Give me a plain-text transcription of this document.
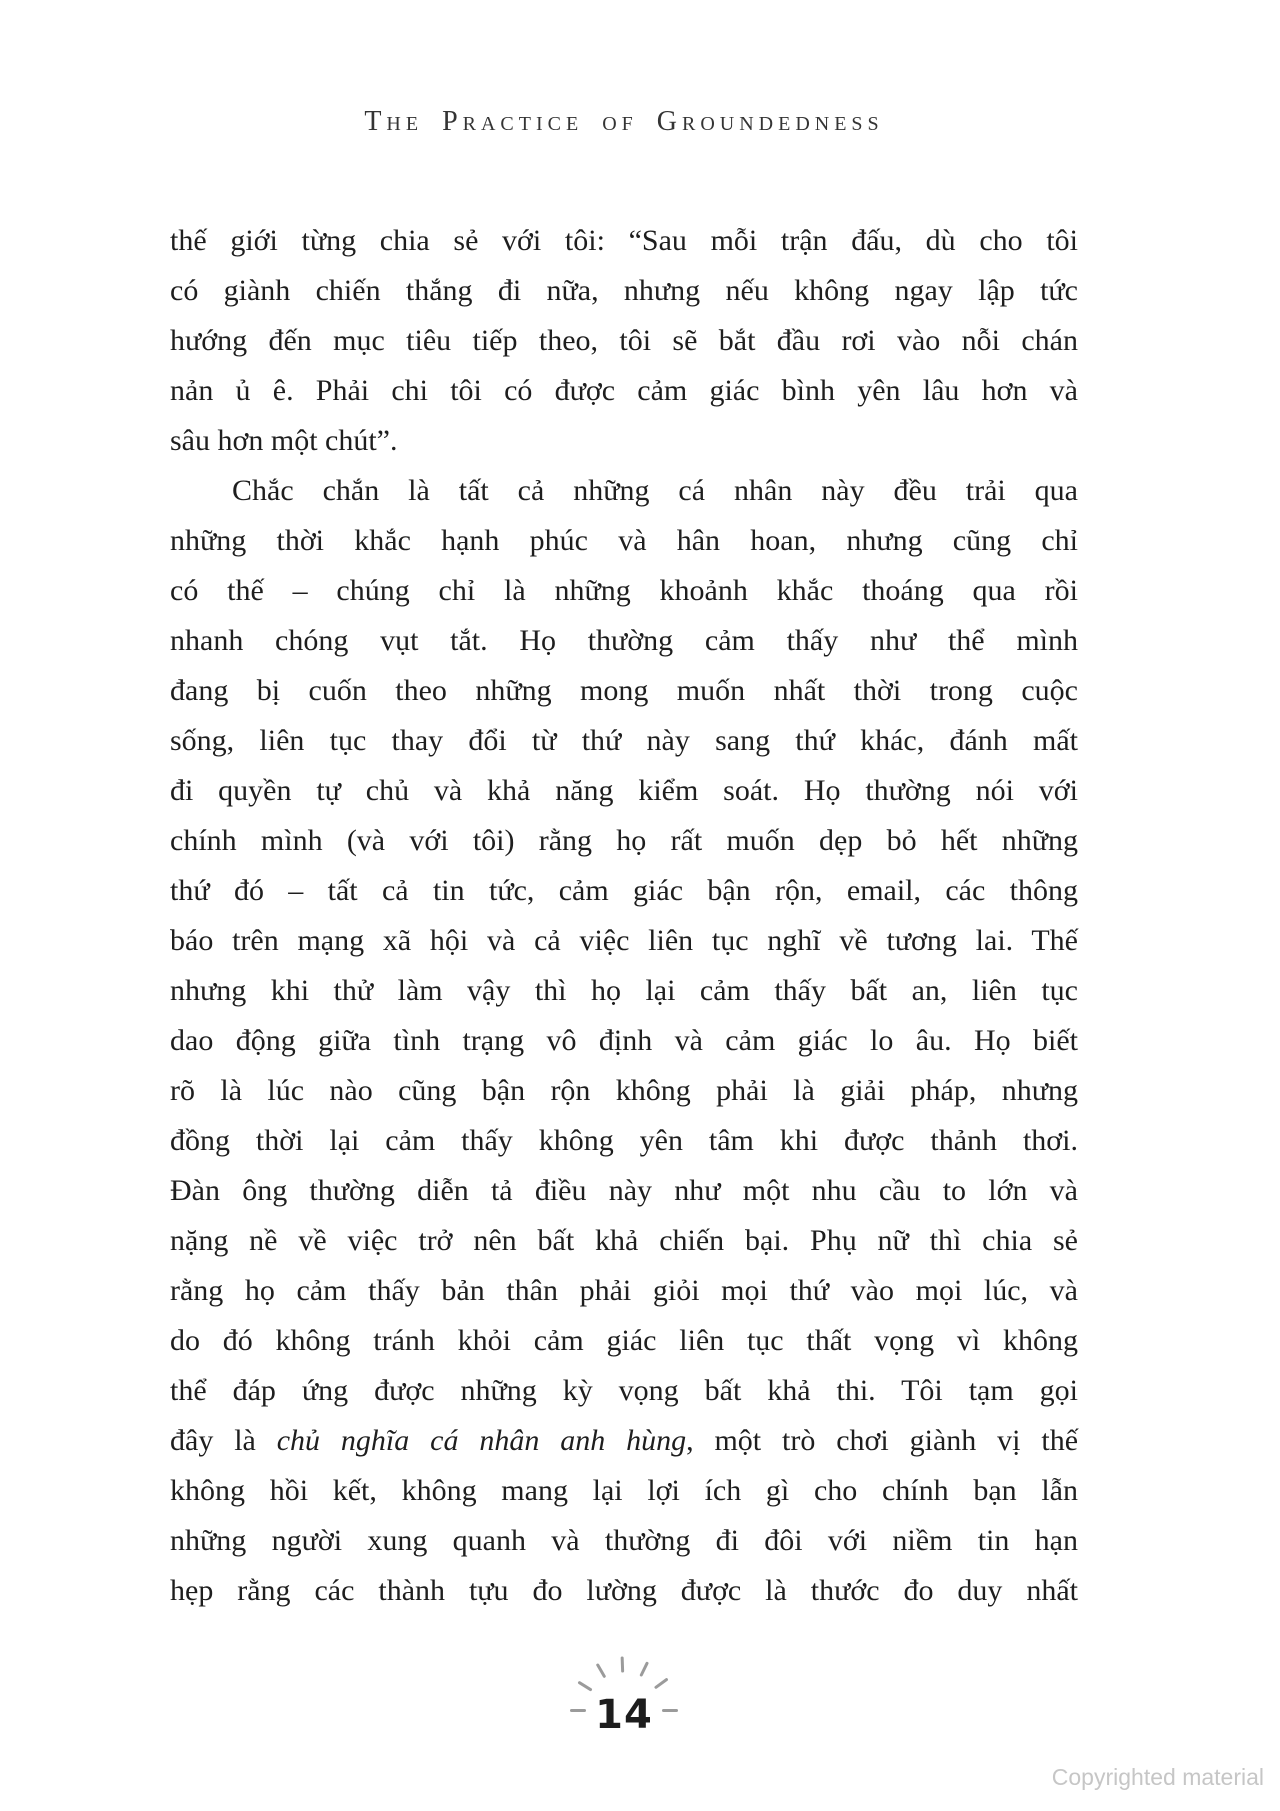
The Practice of Groundedness
thế giới từng chia sẻ với tôi: “Sau mỗi trận đấu, dù cho tôi
có giành chiến thắng đi nữa, nhưng nếu không ngay lập tức
hướng đến mục tiêu tiếp theo, tôi sẽ bắt đầu rơi vào nỗi chán
nản ủ ê. Phải chi tôi có được cảm giác bình yên lâu hơn và
sâu hơn một chút”.
Chắc chắn là tất cả những cá nhân này đều trải qua
những thời khắc hạnh phúc và hân hoan, nhưng cũng chỉ
có thế – chúng chỉ là những khoảnh khắc thoáng qua rồi
nhanh chóng vụt tắt. Họ thường cảm thấy như thể mình
đang bị cuốn theo những mong muốn nhất thời trong cuộc
sống, liên tục thay đổi từ thứ này sang thứ khác, đánh mất
đi quyền tự chủ và khả năng kiểm soát. Họ thường nói với
chính mình (và với tôi) rằng họ rất muốn dẹp bỏ hết những
thứ đó – tất cả tin tức, cảm giác bận rộn, email, các thông
báo trên mạng xã hội và cả việc liên tục nghĩ về tương lai. Thế
nhưng khi thử làm vậy thì họ lại cảm thấy bất an, liên tục
dao động giữa tình trạng vô định và cảm giác lo âu. Họ biết
rõ là lúc nào cũng bận rộn không phải là giải pháp, nhưng
đồng thời lại cảm thấy không yên tâm khi được thảnh thơi.
Đàn ông thường diễn tả điều này như một nhu cầu to lớn và
nặng nề về việc trở nên bất khả chiến bại. Phụ nữ thì chia sẻ
rằng họ cảm thấy bản thân phải giỏi mọi thứ vào mọi lúc, và
do đó không tránh khỏi cảm giác liên tục thất vọng vì không
thể đáp ứng được những kỳ vọng bất khả thi. Tôi tạm gọi
đây là chủ nghĩa cá nhân anh hùng, một trò chơi giành vị thế
không hồi kết, không mang lại lợi ích gì cho chính bạn lẫn
những người xung quanh và thường đi đôi với niềm tin hạn
hẹp rằng các thành tựu đo lường được là thước đo duy nhất
14
Copyrighted material
